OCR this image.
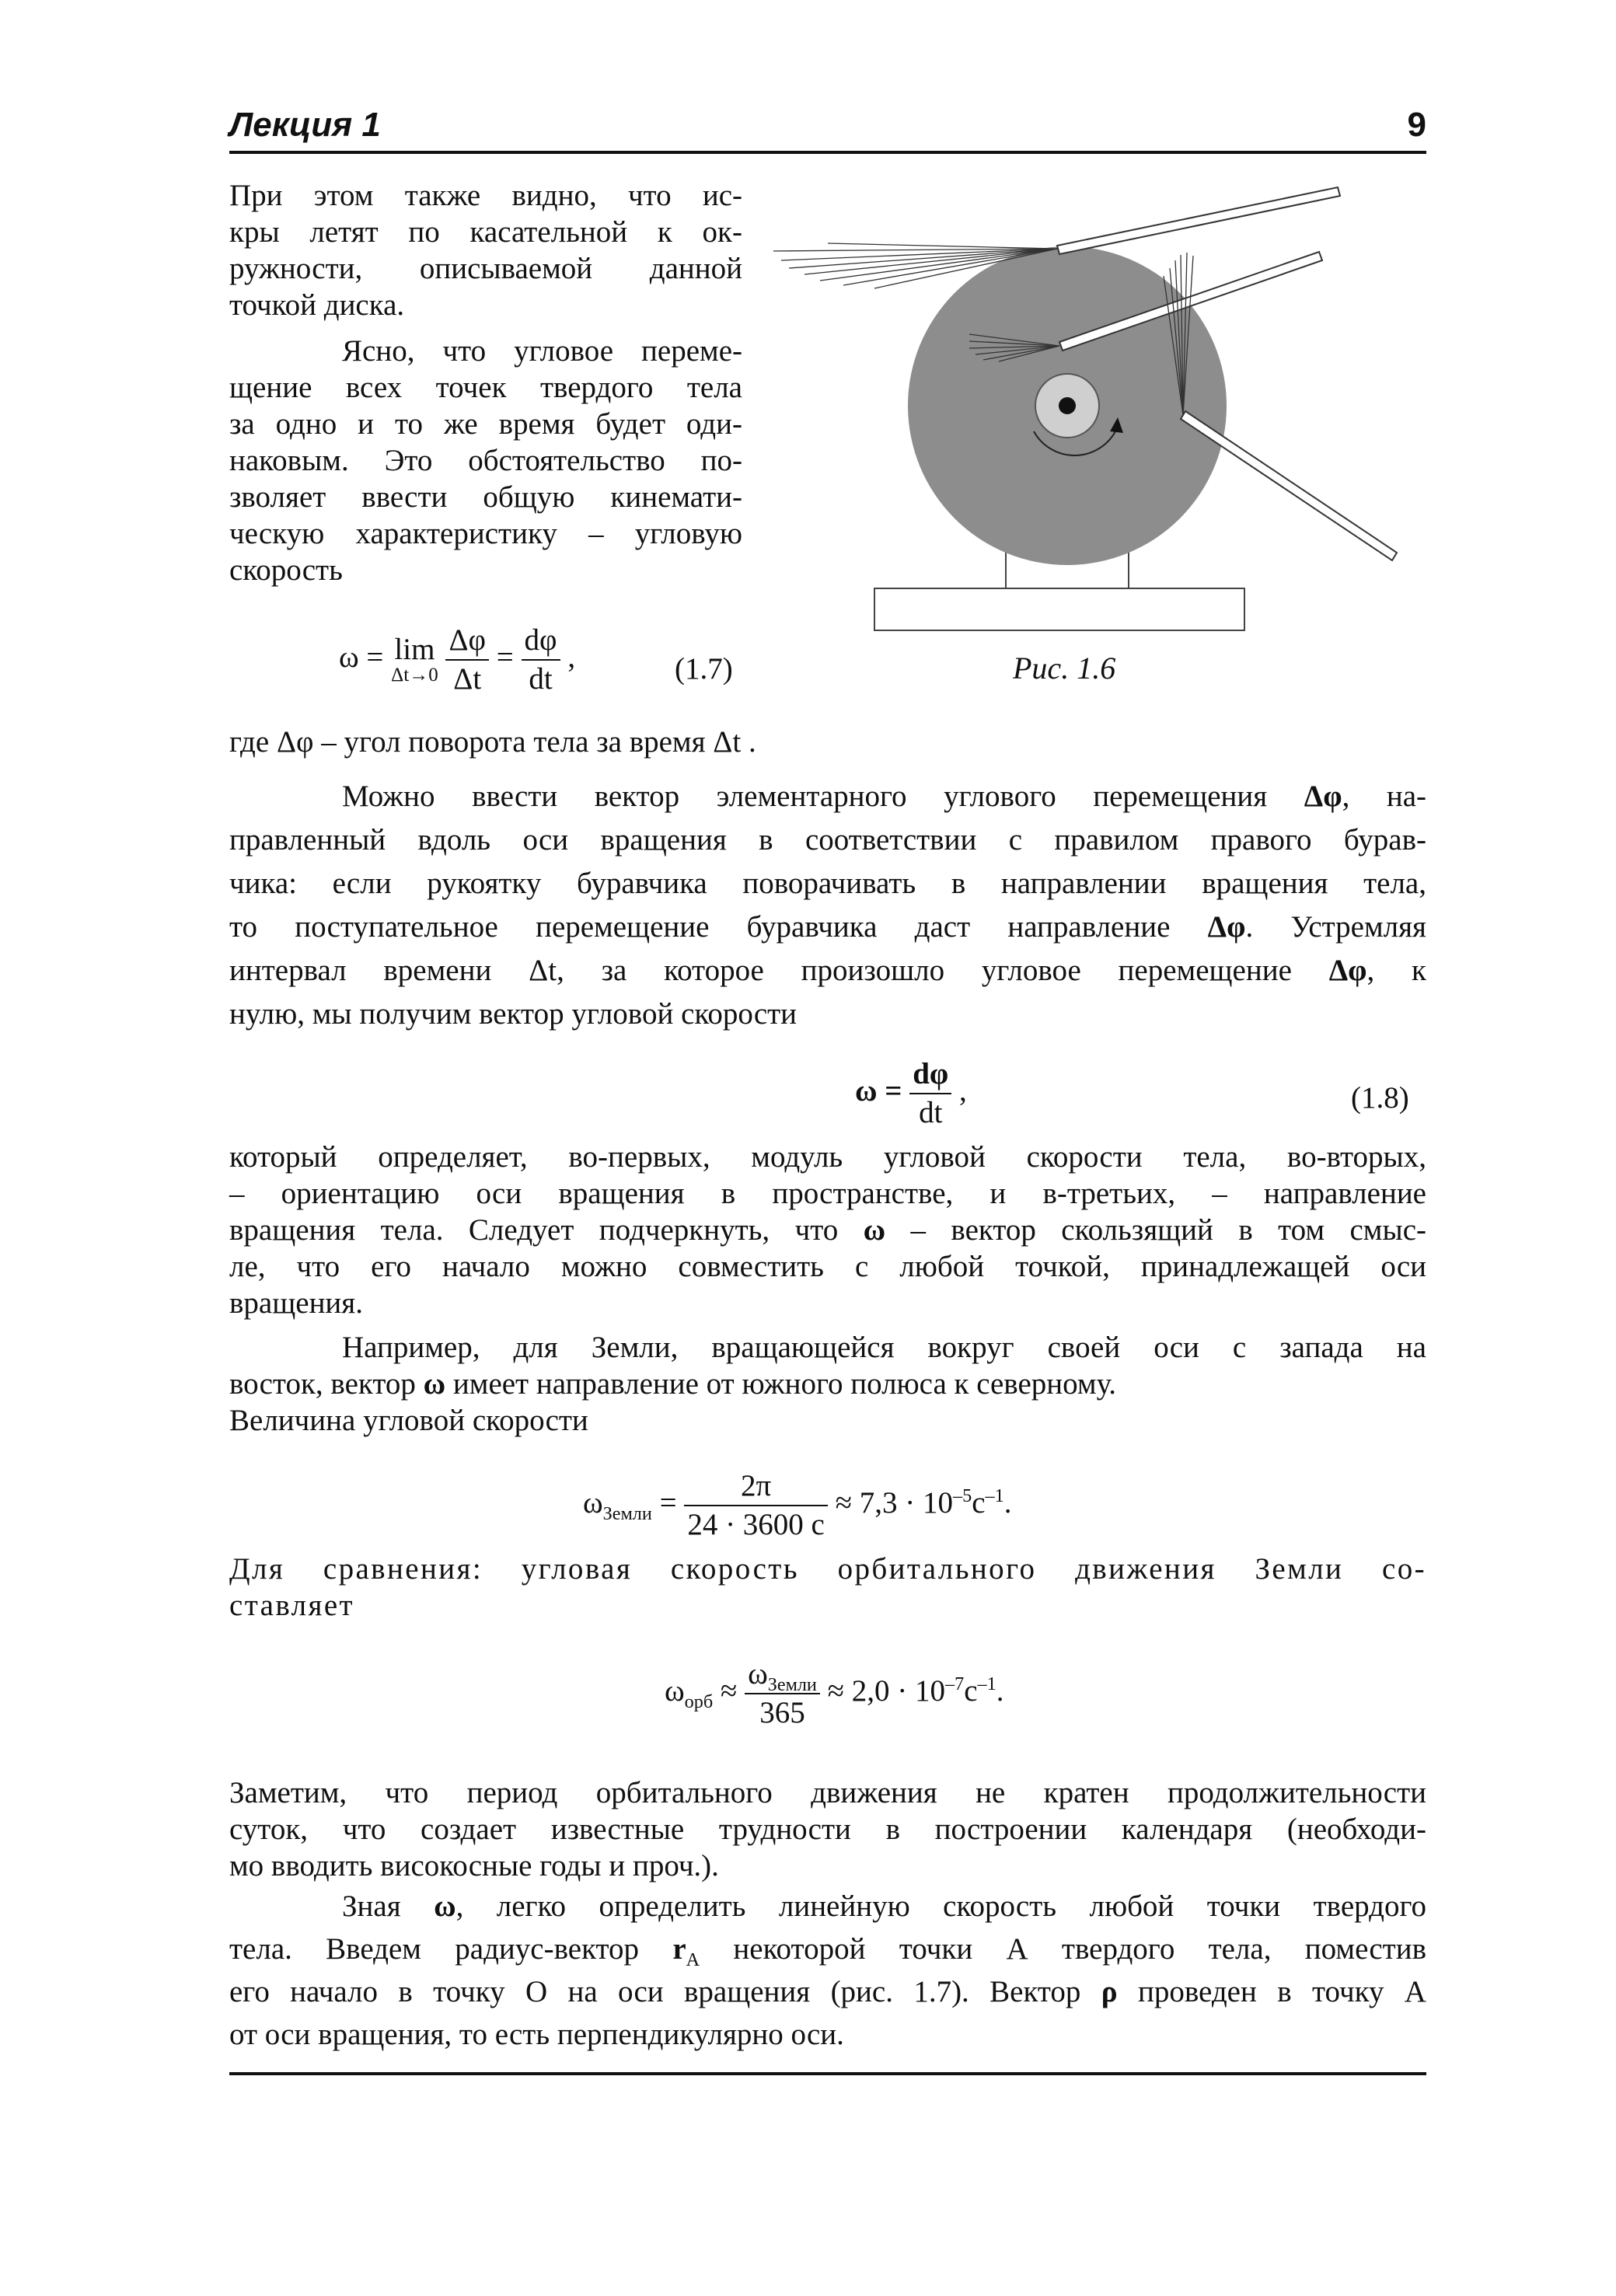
Лекция 1	9
При этом также видно, что ис-
кры летят по касательной к ок-
ружности, описываемой данной
точкой диска.
Ясно, что угловое переме-
щение всех точек твердого тела
за одно и то же время будет оди-
наковым. Это обстоятельство по-
зволяет ввести общую кинемати-
ческую характеристику – угловую
скорость
ω = lim
Δt→0
$\frac{\Delta\varphi}{\Delta t} = \frac{d\varphi}{dt}$ ,	(1.7)	Рис. 1.6
где Δφ – угол поворота тела за время Δt .
Можно ввести вектор элементарного углового перемещения Δφ, на-
правленный вдоль оси вращения в соответствии с правилом правого бурав-
чика: если рукоятку буравчика поворачивать в направлении вращения тела,
то поступательное перемещение буравчика даст направление Δφ. Устремляя
интервал времени Δt, за которое произошло угловое перемещение Δφ, к
нулю, мы получим вектор угловой скорости
$\omega = \frac{d\varphi}{dt}$ ,	(1.8)
который определяет, во-первых, модуль угловой скорости тела, во-вторых,
– ориентацию оси вращения в пространстве, и в-третьих, – направление
вращения тела. Следует подчеркнуть, что ω – вектор скользящий в том смыс-
ле, что его начало можно совместить с любой точкой, принадлежащей оси
вращения.
Например, для Земли, вращающейся вокруг своей оси с запада на
восток, вектор ω имеет направление от южного полюса к северному.
Величина угловой скорости
$\omega_{Земли} = \frac{2\pi}{24 \cdot 3600 с} \approx 7,3 \cdot 10^{-5}с^{-1}$.
Для сравнения: угловая скорость орбитального движения Земли со-
ставляет
$\omega_{орб} \approx \frac{\omega_{Земли}}{365} \approx 2,0 \cdot 10^{-7}с^{-1}$.
Заметим, что период орбитального движения не кратен продолжительности
суток, что создает известные трудности в построении календаря (необходи-
мо вводить високосные годы и проч.).
Зная ω, легко определить линейную скорость любой точки твердого
тела. Введем радиус-вектор $r_A$ некоторой точки А твердого тела, поместив
его начало в точку О на оси вращения (рис. 1.7). Вектор ρ проведен в точку А
от оси вращения, то есть перпендикулярно оси.
